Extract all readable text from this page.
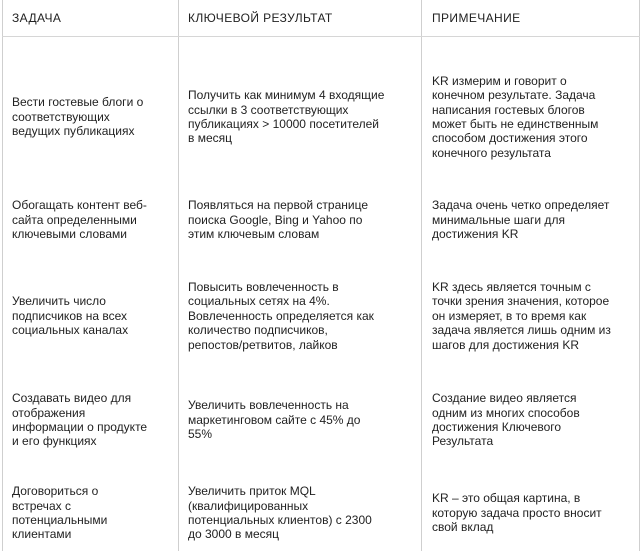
ЗАДАЧА	КЛЮЧЕВОЙ РЕЗУЛЬТАТ	ПРИМЕЧАНИЕ
Вести гостевые блоги о
соответствующих
ведущих публикациях
Получить как минимум 4 входящие
ссылки в 3 соответствующих
публикациях > 10000 посетителей
в месяц
KR измерим и говорит о
конечном результате. Задача
написания гостевых блогов
может быть не единственным
способом достижения этого
конечного результата
Обогащать контент веб-
сайта определенными
ключевыми словами
Появляться на первой странице
поиска Google, Bing и Yahoo по
этим ключевым словам
Задача очень четко определяет
минимальные шаги для
достижения KR
Увеличить число
подписчиков на всех
социальных каналах
Повысить вовлеченность в
социальных сетях на 4%.
Вовлеченность определяется как
количество подписчиков,
репостов/ретвитов, лайков
KR здесь является точным с
точки зрения значения, которое
он измеряет, в то время как
задача является лишь одним из
шагов для достижения KR
Создавать видео для
отображения
информации о продукте
и его функциях
Увеличить вовлеченность на
маркетинговом сайте с 45% до
55%
Создание видео является
одним из многих способов
достижения Ключевого
Результата
Договориться о
встречах с
потенциальными
клиентами
Увеличить приток MQL
(квалифицированных
потенциальных клиентов) с 2300
до 3000 в месяц
KR – это общая картина, в
которую задача просто вносит
свой вклад
